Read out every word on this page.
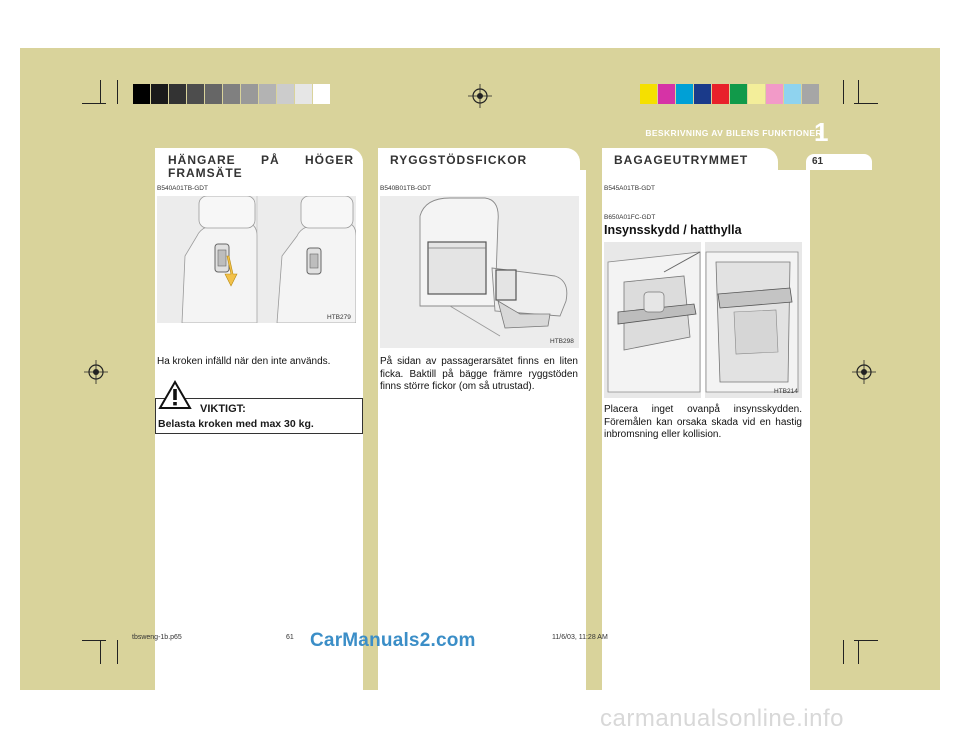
BESKRIVNING AV BILENS FUNKTIONER
1
61
HÄNGARE PÅ HÖGER
FRAMSÄTE
B540A01TB-GDT
HTB279
Ha kroken infälld när den inte används.
VIKTIGT:
Belasta kroken med max 30 kg.
RYGGSTÖDSFICKOR
B540B01TB-GDT
HTB298
På sidan av passagerarsätet finns en liten ficka. Baktill på bägge främre ryggstöden finns större fickor (om så utrustad).
BAGAGEUTRYMMET
B545A01TB-GDT
B650A01FC-GDT
Insynsskydd / hatthylla
HTB214
Placera inget ovanpå insynsskydden. Föremålen kan orsaka skada vid en hastig inbromsning eller kollision.
tbsweng-1b.p65	61	11/6/03, 11:28 AM
CarManuals2.com
carmanualsonline.info
